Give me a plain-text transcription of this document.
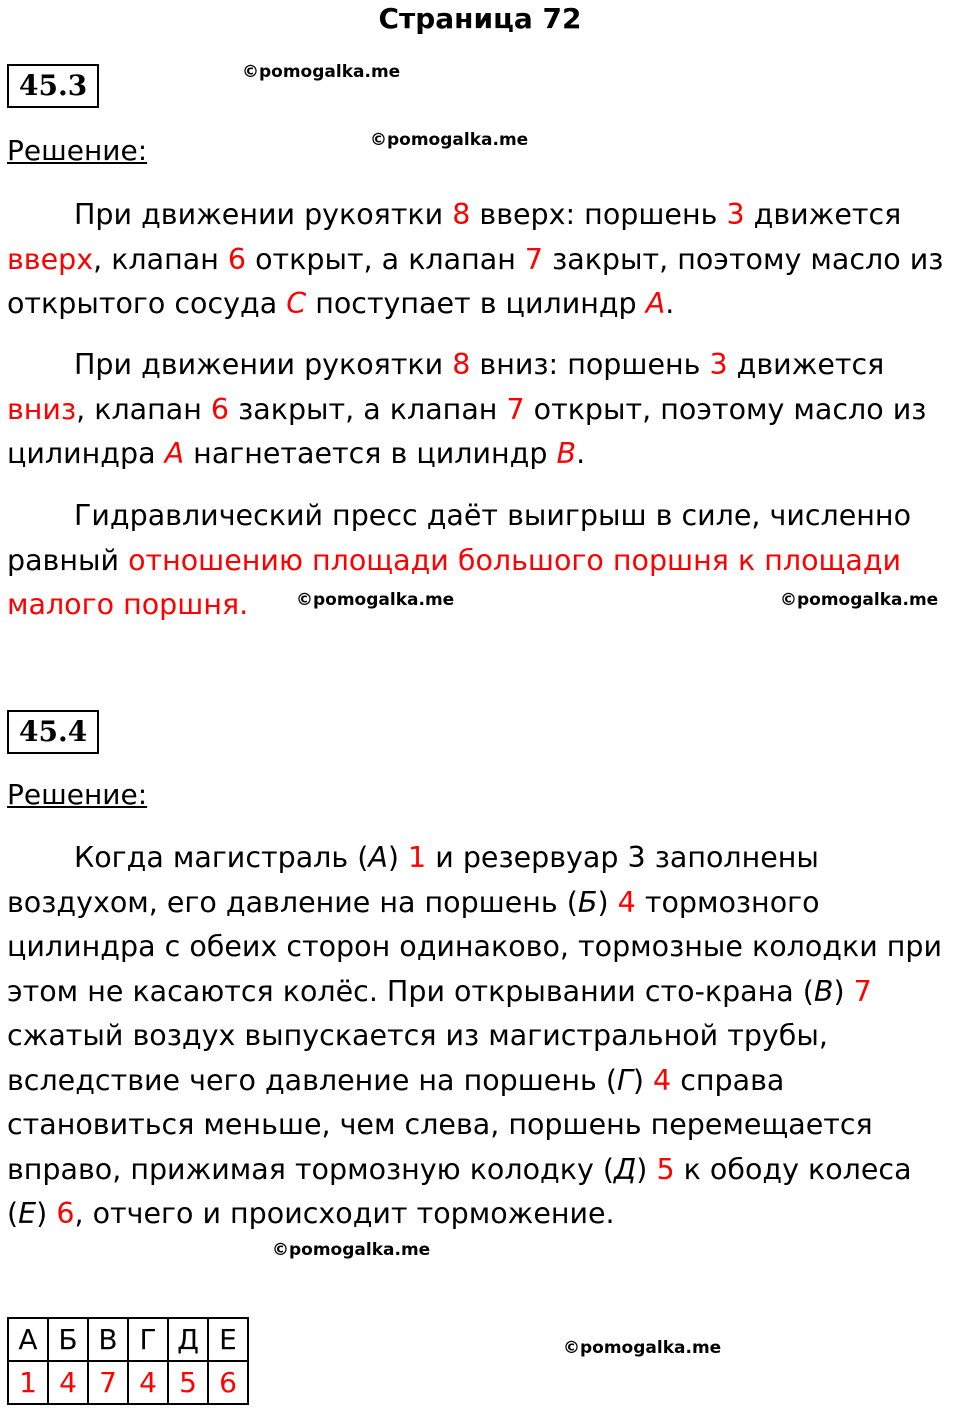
Страница 72
45.3	©pomogalka.me
©pomogalka.me
Решение:

При движении рукоятки 8 вверх: поршень 3 движется вверх, клапан 6 открыт, а клапан 7 закрыт, поэтому масло из открытого сосуда С поступает в цилиндр А.

При движении рукоятки 8 вниз: поршень 3 движется вниз, клапан 6 закрыт, а клапан 7 открыт, поэтому масло из цилиндра А нагнетается в цилиндр В.

Гидравлический пресс даёт выигрыш в силе, численно равный отношению площади большого поршня к площади малого поршня.	©pomogalka.me	©pomogalka.me
45.4
Решение:

Когда магистраль (А) 1 и резервуар 3 заполнены воздухом, его давление на поршень (Б) 4 тормозного цилиндра с обеих сторон одинаково, тормозные колодки при этом не касаются колёс. При открывании сто-крана (В) 7 сжатый воздух выпускается из магистральной трубы, вследствие чего давление на поршень (Г) 4 справа становиться меньше, чем слева, поршень перемещается вправо, прижимая тормозную колодку (Д) 5 к ободу колеса (Е) 6, отчего и происходит торможение.

©pomogalka.me
©pomogalka.me
А	Б	В	Г	Д	Е
1	4	7	4	5	6
